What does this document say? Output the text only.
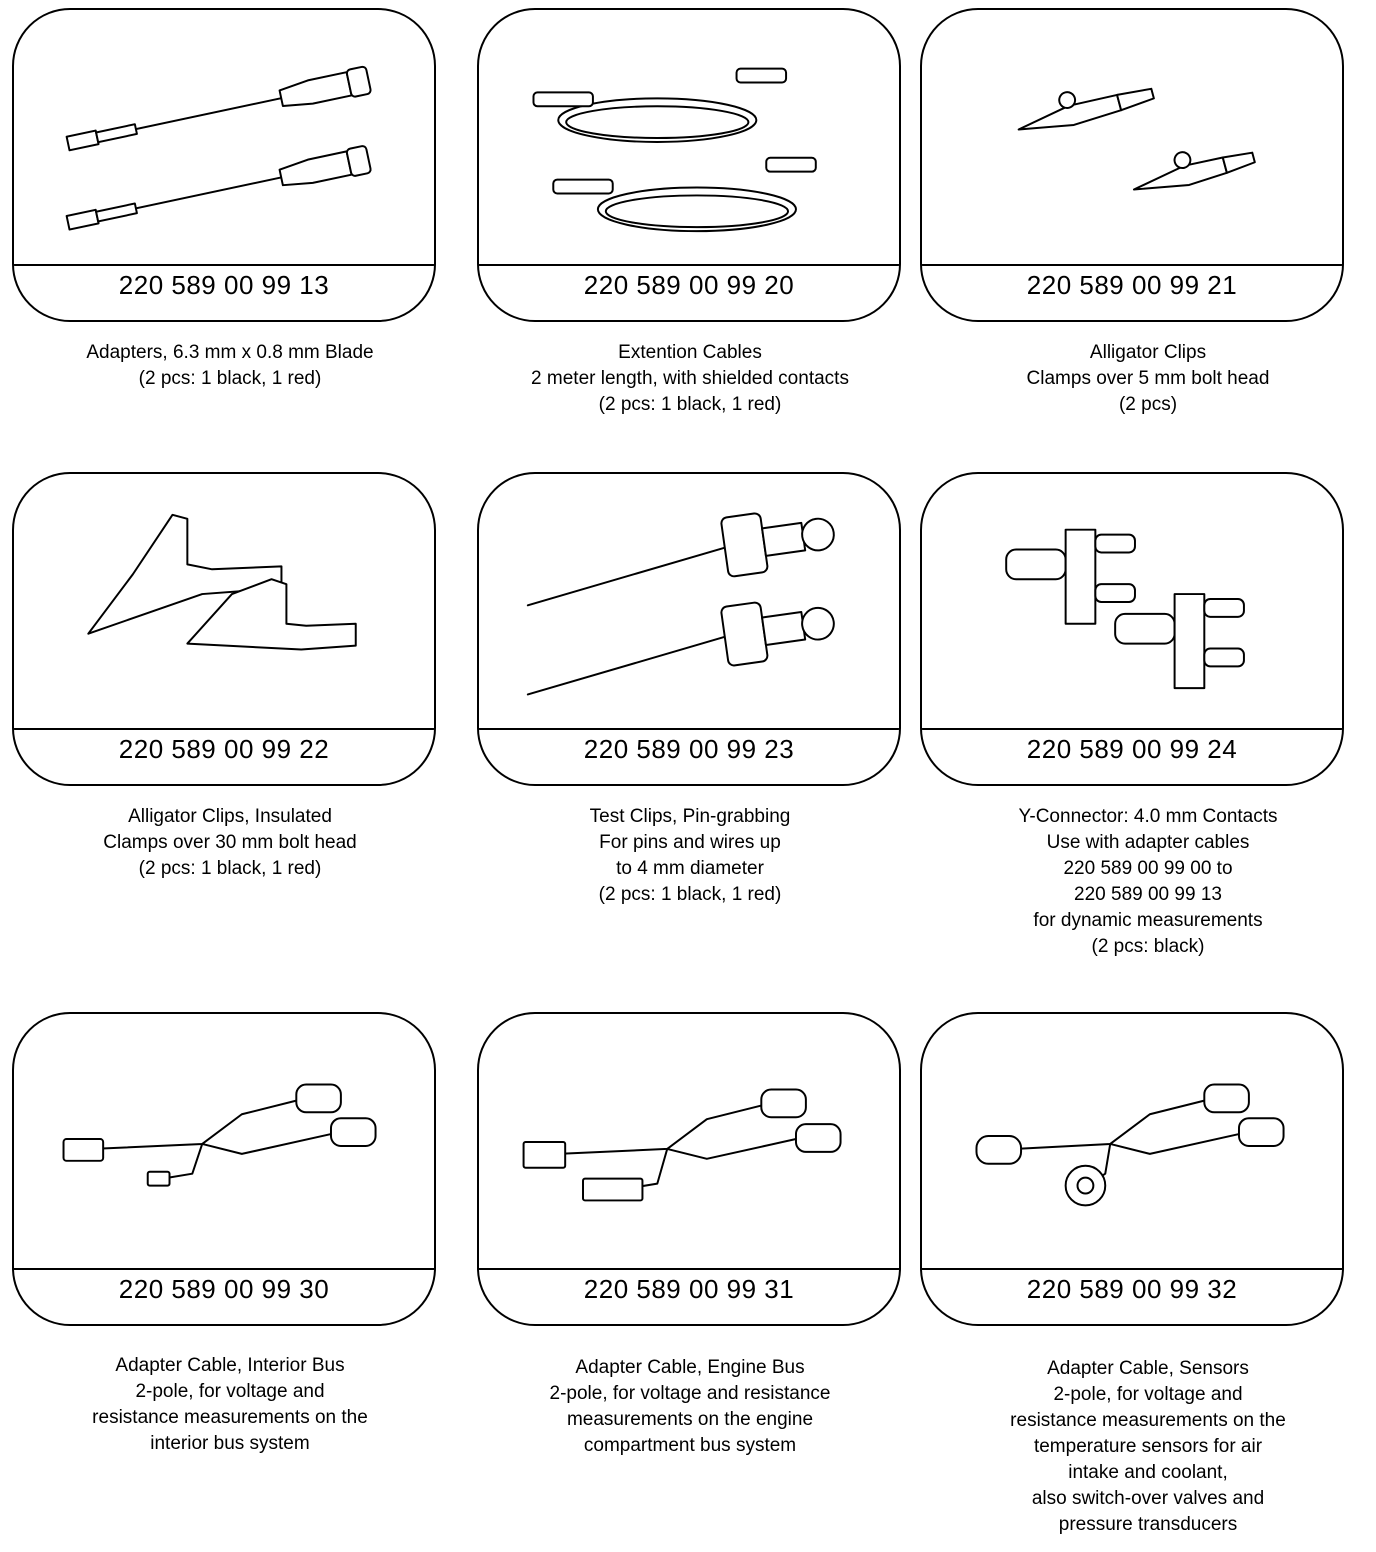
220 589 00 99 13
Adapters, 6.3 mm x 0.8 mm Blade
(2 pcs: 1 black, 1 red)
220 589 00 99 20
Extention Cables
2 meter length, with shielded contacts
(2 pcs: 1 black, 1 red)
220 589 00 99 21
Alligator Clips
Clamps over 5 mm bolt head
(2 pcs)
220 589 00 99 22
Alligator Clips, Insulated
Clamps over 30 mm bolt head
(2 pcs: 1 black, 1 red)
220 589 00 99 23
Test Clips, Pin-grabbing
For pins and wires up
to 4 mm diameter
(2 pcs: 1 black, 1 red)
220 589 00 99 24
Y-Connector: 4.0 mm Contacts
Use with adapter cables
220 589 00 99 00 to
220 589 00 99 13
for dynamic measurements
(2 pcs: black)
220 589 00 99 30
Adapter Cable, Interior Bus
2-pole, for voltage and
resistance measurements on the
interior bus system
220 589 00 99 31
Adapter Cable, Engine Bus
2-pole, for voltage and resistance
measurements on the engine
compartment bus system
220 589 00 99 32
Adapter Cable, Sensors
2-pole, for voltage and
resistance measurements on the
temperature sensors for air
intake and coolant,
also switch-over valves and
pressure transducers
